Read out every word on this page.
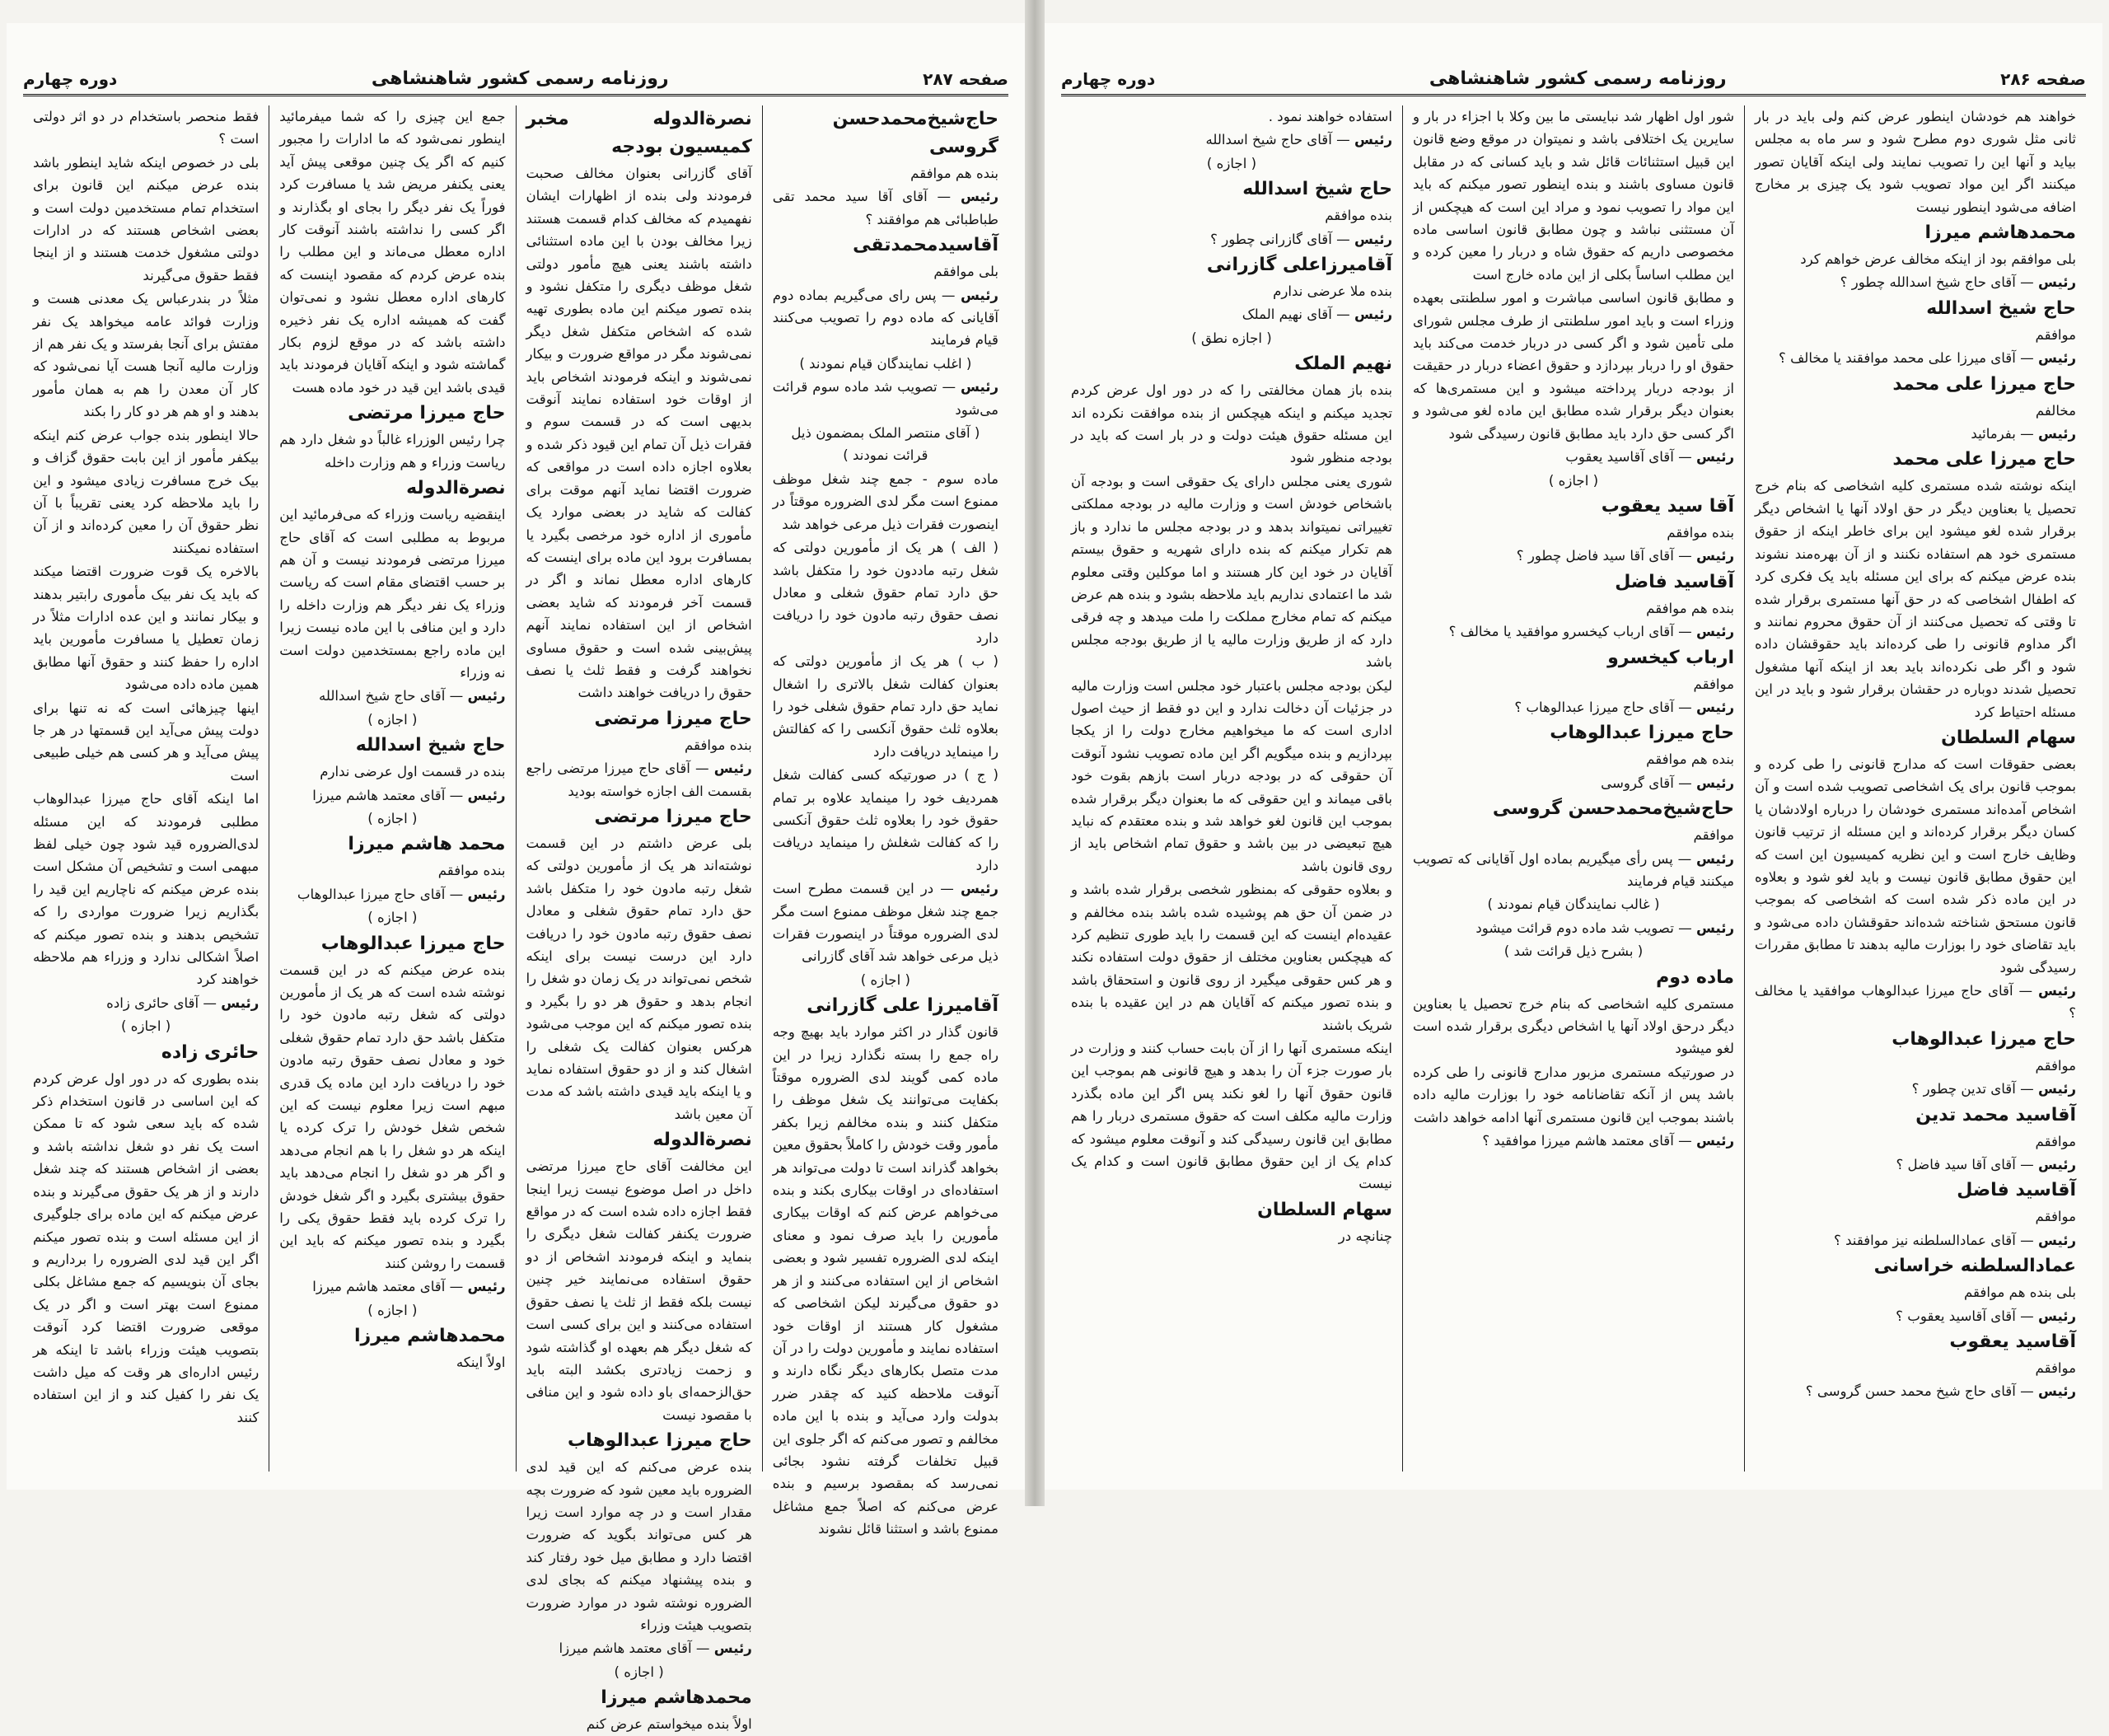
صفحه ۲۸۷
روزنامه رسمی کشور شاهنشاهی
دوره چهارم
حاج‌شیخ‌محمدحسن گروسی
بنده هم موافقم
رئیس — آقای آقا سید محمد تقی طباطبائی هم موافقند ؟
آقاسیدمحمدتقی
بلی موافقم
رئیس — پس رای می‌گیریم بماده دوم آقایانی که ماده دوم را تصویب می‌کنند قیام فرمایند
( اغلب نمایندگان قیام نمودند )
رئیس — تصویب شد ماده سوم قرائت می‌شود
( آقای منتصر الملک بمضمون ذیل قرائت نمودند )
ماده سوم - جمع چند شغل موظف ممنوع است مگر لدی الضروره موقتاً در اینصورت فقرات ذیل مرعی خواهد شد
( الف ) هر یک از مأمورین دولتی که شغل رتبه ماددون خود را متکفل باشد حق دارد تمام حقوق شغلی و معادل نصف حقوق رتبه مادون خود را دریافت دارد
( ب ) هر یک از مأمورین دولتی که بعنوان کفالت شغل بالاتری را اشغال نماید حق دارد تمام حقوق شغلی خود را بعلاوه ثلث حقوق آنکسی را که کفالتش را مینماید دریافت دارد
( ج ) در صورتیکه کسی کفالت شغل همردیف خود را مینماید علاوه بر تمام حقوق خود را بعلاوه ثلث حقوق آنکسی را که کفالت شغلش را مینماید دریافت دارد
رئیس — در این قسمت مطرح است جمع چند شغل موظف ممنوع است مگر لدی الضروره موقتاً در اینصورت فقرات ذیل مرعی خواهد شد آقای گازرانی
( اجازه )
آقامیرزا علی گازرانی
قانون گذار در اکثر موارد باید بهیچ وجه راه جمع را بسته نگذارد زیرا در این ماده کمی گویند لدی الضروره موقتاً بکفایت می‌توانند یک شغل موظف را متکفل کنند و بنده مخالفم زیرا بکفر مأمور وقت خودش را کاملاً بحقوق معین بخواهد گذراند است تا دولت می‌تواند هر استفاده‌ای در اوقات بیکاری بکند و بنده می‌خواهم عرض کنم که اوقات بیکاری مأمورین را باید صرف نمود و معنای اینکه لدی الضروره تفسیر شود و بعضی اشخاص از این استفاده می‌کنند و از هر دو حقوق می‌گیرند لیکن اشخاصی که مشغول کار هستند از اوقات خود استفاده نمایند و مأمورین دولت را در آن مدت متصل بکارهای دیگر نگاه دارند و آنوقت ملاحظه کنید که چقدر ضرر بدولت وارد می‌آید و بنده با این ماده مخالفم و تصور می‌کنم که اگر جلوی این قبیل تخلفات گرفته نشود بجائی نمی‌رسد که بمقصود برسیم و بنده عرض می‌کنم که اصلاً جمع مشاغل ممنوع باشد و استثنا قائل نشوند
نصرةالدوله مخبر کمیسیون بودجه
آقای گازرانی بعنوان مخالف صحبت فرمودند ولی بنده از اظهارات ایشان نفهمیدم که مخالف کدام قسمت هستند زیرا مخالف بودن با این ماده استثنائی داشته باشند یعنی هیچ مأمور دولتی شغل موظف دیگری را متکفل نشود و بنده تصور میکنم این ماده بطوری تهیه شده که اشخاص متکفل شغل دیگر نمی‌شوند مگر در مواقع ضرورت و بیکار نمی‌شوند و اینکه فرمودند اشخاص باید از اوقات خود استفاده نمایند آنوقت بدیهی است که در قسمت سوم و فقرات ذیل آن تمام این قیود ذکر شده و بعلاوه اجازه داده است در مواقعی که ضرورت اقتضا نماید آنهم موقت برای کفالت که شاید در بعضی موارد یک مأموری از اداره خود مرخصی بگیرد یا بمسافرت برود این ماده برای اینست که کارهای اداره معطل نماند و اگر در قسمت آخر فرمودند که شاید بعضی اشخاص از این استفاده نمایند آنهم پیش‌بینی شده است و حقوق مساوی نخواهند گرفت و فقط ثلث یا نصف حقوق را دریافت خواهند داشت
حاج میرزا مرتضی
بنده موافقم
رئیس — آقای حاج میرزا مرتضی راجع بقسمت الف اجازه خواسته بودید
حاج میرزا مرتضی
بلی عرض داشتم در این قسمت نوشته‌اند هر یک از مأمورین دولتی که شغل رتبه مادون خود را متکفل باشد حق دارد تمام حقوق شغلی و معادل نصف حقوق رتبه مادون خود را دریافت دارد این درست نیست برای اینکه شخص نمی‌تواند در یک زمان دو شغل را انجام بدهد و حقوق هر دو را بگیرد و بنده تصور میکنم که این موجب می‌شود هرکس بعنوان کفالت یک شغلی را اشغال کند و از دو حقوق استفاده نماید و یا اینکه باید قیدی داشته باشد که مدت آن معین باشد
نصرةالدوله
این مخالفت آقای حاج میرزا مرتضی داخل در اصل موضوع نیست زیرا اینجا فقط اجازه داده شده است که در مواقع ضرورت یکنفر کفالت شغل دیگری را بنماید و اینکه فرمودند اشخاص از دو حقوق استفاده می‌نمایند خیر چنین نیست بلکه فقط از ثلث یا نصف حقوق استفاده می‌کنند و این برای کسی است که شغل دیگر هم بعهده او گذاشته شود و زحمت زیادتری بکشد البته باید حق‌الزحمه‌ای باو داده شود و این منافی با مقصود نیست
حاج میرزا عبدالوهاب
بنده عرض می‌کنم که این قید لدی الضروره باید معین شود که ضرورت بچه مقدار است و در چه موارد است زیرا هر کس می‌تواند بگوید که ضرورت اقتضا دارد و مطابق میل خود رفتار کند و بنده پیشنهاد میکنم که بجای لدی الضروره نوشته شود در موارد ضرورت بتصویب هیئت وزراء
رئیس — آقای معتمد هاشم میرزا
( اجازه )
محمدهاشم میرزا
اولاً بنده میخواستم عرض کنم
جمع این چیزی را که شما میفرمائید اینطور نمی‌شود که ما ادارات را مجبور کنیم که اگر یک چنین موقعی پیش آید یعنی یکنفر مریض شد یا مسافرت کرد فوراً یک نفر دیگر را بجای او بگذارند و اگر کسی را نداشته باشند آنوقت کار اداره معطل می‌ماند و این مطلب را بنده عرض کردم که مقصود اینست که کارهای اداره معطل نشود و نمی‌توان گفت که همیشه اداره یک نفر ذخیره داشته باشد که در موقع لزوم بکار گماشته شود و اینکه آقایان فرمودند باید قیدی باشد این قید در خود ماده هست
حاج میرزا مرتضی
چرا رئیس الوزراء غالباً دو شغل دارد هم ریاست وزراء و هم وزارت داخله
نصرةالدوله
اینقضیه ریاست وزراء که می‌فرمائید این مربوط به مطلبی است که آقای حاج میرزا مرتضی فرمودند نیست و آن هم بر حسب اقتضای مقام است که ریاست وزراء یک نفر دیگر هم وزارت داخله را دارد و این منافی با این ماده نیست زیرا این ماده راجع بمستخدمین دولت است نه وزراء
رئیس — آقای حاج شیخ اسدالله
( اجازه )
حاج شیخ اسدالله
بنده در قسمت اول عرضی ندارم
رئیس — آقای معتمد هاشم میرزا
( اجازه )
محمد هاشم میرزا
بنده موافقم
رئیس — آقای حاج میرزا عبدالوهاب
( اجازه )
حاج میرزا عبدالوهاب
بنده عرض میکنم که در این قسمت نوشته شده است که هر یک از مأمورین دولتی که شغل رتبه مادون خود را متکفل باشد حق دارد تمام حقوق شغلی خود و معادل نصف حقوق رتبه مادون خود را دریافت دارد این ماده یک قدری مبهم است زیرا معلوم نیست که این شخص شغل خودش را ترک کرده یا اینکه هر دو شغل را با هم انجام می‌دهد و اگر هر دو شغل را انجام می‌دهد باید حقوق بیشتری بگیرد و اگر شغل خودش را ترک کرده باید فقط حقوق یکی را بگیرد و بنده تصور میکنم که باید این قسمت را روشن کنند
رئیس — آقای معتمد هاشم میرزا
( اجازه )
محمدهاشم میرزا
اولاً اینکه
فقط منحصر باستخدام در دو اثر دولتی است ؟
بلی در خصوص اینکه شاید اینطور باشد بنده عرض میکنم این قانون برای استخدام تمام مستخدمین دولت است و بعضی اشخاص هستند که در ادارات دولتی مشغول خدمت هستند و از اینجا فقط حقوق می‌گیرند
مثلاً در بندرعباس یک معدنی هست و وزارت فوائد عامه میخواهد یک نفر مفتش برای آنجا بفرستد و یک نفر هم از وزارت مالیه آنجا هست آیا نمی‌شود که کار آن معدن را هم به همان مأمور بدهند و او هم هر دو کار را بکند
حالا اینطور بنده جواب عرض کنم اینکه بیکفر مأمور از این بابت حقوق گزاف و بیک خرج مسافرت زیادی میشود و این را باید ملاحظه کرد یعنی تقریباً با آن نظر حقوق آن را معین کرده‌اند و از آن استفاده نمیکنند
بالاخره یک قوت ضرورت اقتضا میکند که باید یک نفر بیک مأموری رابتیر بدهند و بیکار نمانند و این عده ادارات مثلاً در زمان تعطیل یا مسافرت مأمورین باید اداره را حفظ کنند و حقوق آنها مطابق همین ماده داده می‌شود
اینها چیزهائی است که نه تنها برای دولت پیش می‌آید این قسمتها در هر جا پیش می‌آید و هر کسی هم خیلی طبیعی است
اما اینکه آقای حاج میرزا عبدالوهاب مطلبی فرمودند که این مسئله لدی‌الضروره قید شود چون خیلی لفظ مبهمی است و تشخیص آن مشکل است بنده عرض میکنم که ناچاریم این قید را بگذاریم زیرا ضرورت مواردی را که تشخیص بدهند و بنده تصور میکنم که اصلاً اشکالی ندارد و وزراء هم ملاحظه خواهند کرد
رئیس — آقای حائری زاده
( اجازه )
حائری زاده
بنده بطوری که در دور اول عرض کردم که این اساسی در قانون استخدام ذکر شده که باید سعی شود که تا ممکن است یک نفر دو شغل نداشته باشد و بعضی از اشخاص هستند که چند شغل دارند و از هر یک حقوق می‌گیرند و بنده عرض میکنم که این ماده برای جلوگیری از این مسئله است و بنده تصور میکنم اگر این قید لدی الضروره را برداریم و بجای آن بنویسیم که جمع مشاغل بکلی ممنوع است بهتر است و اگر در یک موقعی ضرورت اقتضا کرد آنوقت بتصویب هیئت وزراء باشد تا اینکه هر رئیس اداره‌ای هر وقت که میل داشت یک نفر را کفیل کند و از این استفاده کنند
صفحه ۲۸۶
روزنامه رسمی کشور شاهنشاهی
دوره چهارم
خواهند هم خودشان اینطور عرض کنم ولی باید در بار ثانی مثل شوری دوم مطرح شود و سر ماه به مجلس بیاید و آنها این را تصویب نمایند ولی اینکه آقایان تصور میکنند اگر این مواد تصویب شود یک چیزی بر مخارج اضافه می‌شود اینطور نیست
محمدهاشم میرزا
بلی موافقم بود از اینکه مخالف عرض خواهم کرد
رئیس — آقای حاج شیخ اسدالله چطور ؟
حاج شیخ اسدالله
موافقم
رئیس — آقای میرزا علی محمد موافقند یا مخالف ؟
حاج میرزا علی محمد
مخالفم
رئیس — بفرمائید
حاج میرزا علی محمد
اینکه نوشته شده مستمری کلیه اشخاصی که بنام خرج تحصیل یا بعناوین دیگر در حق اولاد آنها یا اشخاص دیگر برقرار شده لغو میشود این برای خاطر اینکه از حقوق مستمری خود هم استفاده نکنند و از آن بهره‌مند نشوند بنده عرض میکنم که برای این مسئله باید یک فکری کرد که اطفال اشخاصی که در حق آنها مستمری برقرار شده تا وقتی که تحصیل می‌کنند از آن حقوق محروم نمانند و اگر مداوم قانونی را طی کرده‌اند باید حقوقشان داده شود و اگر طی نکرده‌اند باید بعد از اینکه آنها مشغول تحصیل شدند دوباره در حقشان برقرار شود و باید در این مسئله احتیاط کرد
سهام السلطان
بعضی حقوقات است که مدارج قانونی را طی کرده و بموجب قانون برای یک اشخاصی تصویب شده است و آن اشخاص آمده‌اند مستمری خودشان را درباره اولادشان یا کسان دیگر برقرار کرده‌اند و این مسئله از ترتیب قانون وظایف خارج است و این نظریه کمیسیون این است که این حقوق مطابق قانون نیست و باید لغو شود و بعلاوه در این ماده ذکر شده است که اشخاصی که بموجب قانون مستحق شناخته شده‌اند حقوقشان داده می‌شود و باید تقاضای خود را بوزارت مالیه بدهند تا مطابق مقررات رسیدگی شود
رئیس — آقای حاج میرزا عبدالوهاب موافقید یا مخالف ؟
حاج میرزا عبدالوهاب
موافقم
رئیس — آقای تدین چطور ؟
آقاسید محمد تدین
موافقم
رئیس — آقای آقا سید فاضل ؟
آقاسید فاضل
موافقم
رئیس — آقای عمادالسلطنه نیز موافقند ؟
عمادالسلطنه خراسانی
بلی بنده هم موافقم
رئیس — آقای آقاسید یعقوب ؟
آقاسید یعقوب
موافقم
رئیس — آقای حاج شیخ محمد حسن گروسی ؟
شور اول اظهار شد نبایستی ما بین وکلا با اجزاء در بار و سایرین یک اختلافی باشد و نمیتوان در موقع وضع قانون این قبیل استثنائات قائل شد و باید کسانی که در مقابل قانون مساوی باشند و بنده اینطور تصور میکنم که باید این مواد را تصویب نمود و مراد این است که هیچکس از آن مستثنی نباشد و چون مطابق قانون اساسی ماده مخصوصی داریم که حقوق شاه و دربار را معین کرده و این مطلب اساساً بکلی از این ماده خارج است
و مطابق قانون اساسی مباشرت و امور سلطنتی بعهده وزراء است و باید امور سلطنتی از طرف مجلس شورای ملی تأمین شود و اگر کسی در دربار خدمت می‌کند باید حقوق او را دربار بپردازد و حقوق اعضاء دربار در حقیقت از بودجه دربار پرداخته میشود و این مستمری‌ها که بعنوان دیگر برقرار شده مطابق این ماده لغو می‌شود و اگر کسی حق دارد باید مطابق قانون رسیدگی شود
رئیس — آقای آقاسید یعقوب
( اجازه )
آقا سید یعقوب
بنده موافقم
رئیس — آقای آقا سید فاضل چطور ؟
آقاسید فاضل
بنده هم موافقم
رئیس — آقای ارباب کیخسرو موافقید یا مخالف ؟
ارباب کیخسرو
موافقم
رئیس — آقای حاج میرزا عبدالوهاب ؟
حاج میرزا عبدالوهاب
بنده هم موافقم
رئیس — آقای گروسی
حاج‌شیخ‌محمدحسن گروسی
موافقم
رئیس — پس رأی میگیریم بماده اول آقایانی که تصویب میکنند قیام فرمایند
( غالب نمایندگان قیام نمودند )
رئیس — تصویب شد ماده دوم قرائت میشود
( بشرح ذیل قرائت شد )
ماده دوم
مستمری کلیه اشخاصی که بنام خرج تحصیل یا بعناوین دیگر درحق اولاد آنها یا اشخاص دیگری برقرار شده است لغو میشود
در صورتیکه مستمری مزبور مدارج قانونی را طی کرده باشد پس از آنکه تقاضانامه خود را بوزارت مالیه داده باشند بموجب این قانون مستمری آنها ادامه خواهد داشت
رئیس — آقای معتمد هاشم میرزا موافقید ؟
استفاده خواهند نمود .
رئیس — آقای حاج شیخ اسدالله
( اجازه )
حاج شیخ اسدالله
بنده موافقم
رئیس — آقای گازرانی چطور ؟
آقامیرزاعلی گازرانی
بنده ملا عرضی ندارم
رئیس — آقای نهیم الملک
( اجازه نطق )
نهیم الملک
بنده باز همان مخالفتی را که در دور اول عرض کردم تجدید میکنم و اینکه هیچکس از بنده موافقت نکرده اند این مسئله حقوق هیئت دولت و در بار است که باید در بودجه منظور شود
شوری یعنی مجلس دارای یک حقوقی است و بودجه آن باشخاص خودش است و وزارت مالیه در بودجه مملکتی تغییراتی نمیتواند بدهد و در بودجه مجلس ما ندارد و باز هم تکرار میکنم که بنده دارای شهریه و حقوق بیستم آقایان در خود این کار هستند و اما موکلین وقتی معلوم شد ما اعتمادی نداریم باید ملاحظه بشود و بنده هم عرض میکنم که تمام مخارج مملکت را ملت میدهد و چه فرقی دارد که از طریق وزارت مالیه یا از طریق بودجه مجلس باشد
لیکن بودجه مجلس باعتبار خود مجلس است وزارت مالیه در جزئیات آن دخالت ندارد و این دو فقط از حیث اصول اداری است که ما میخواهیم مخارج دولت را از یکجا بپردازیم و بنده میگویم اگر این ماده تصویب نشود آنوقت آن حقوقی که در بودجه دربار است بازهم بقوت خود باقی میماند و این حقوقی که ما بعنوان دیگر برقرار شده بموجب این قانون لغو خواهد شد و بنده معتقدم که نباید هیچ تبعیضی در بین باشد و حقوق تمام اشخاص باید از روی قانون باشد
و بعلاوه حقوقی که بمنظور شخصی برقرار شده باشد و در ضمن آن حق هم پوشیده شده باشد بنده مخالفم و عقیده‌ام اینست که این قسمت را باید طوری تنظیم کرد که هیچکس بعناوین مختلف از حقوق دولت استفاده نکند و هر کس حقوقی میگیرد از روی قانون و استحقاق باشد و بنده تصور میکنم که آقایان هم در این عقیده با بنده شریک باشند
اینکه مستمری آنها را از آن بابت حساب کنند و وزارت در بار صورت جزء آن را بدهد و هیچ قانونی هم بموجب این قانون حقوق آنها را لغو نکند پس اگر این ماده بگذرد وزارت مالیه مکلف است که حقوق مستمری دربار را هم مطابق این قانون رسیدگی کند و آنوقت معلوم میشود که کدام یک از این حقوق مطابق قانون است و کدام یک نیست
سهام السلطان
چنانچه در
